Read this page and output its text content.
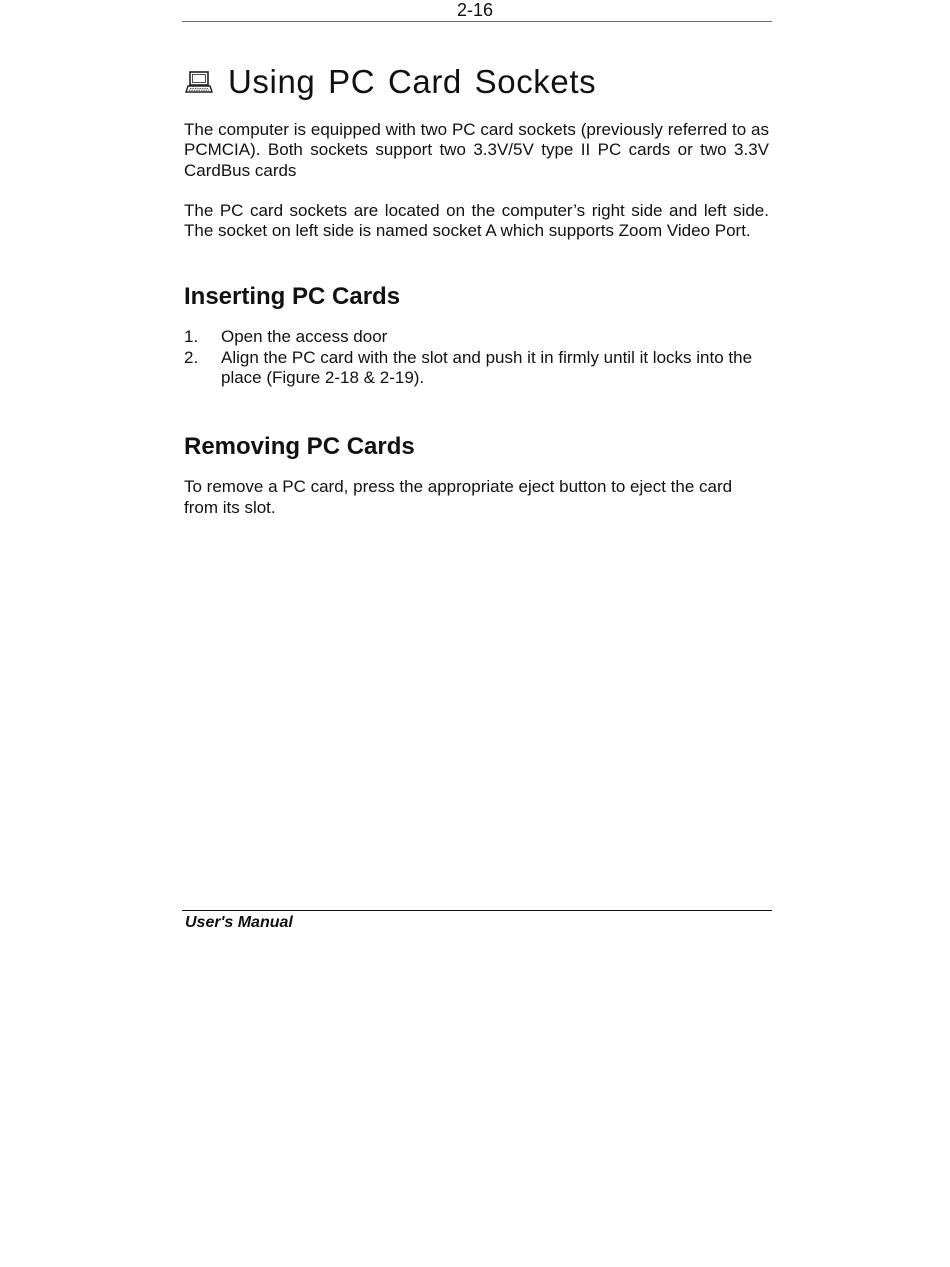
2-16
Using PC Card Sockets

The computer is equipped with two PC card sockets (previously referred to as PCMCIA). Both sockets support two 3.3V/5V type II PC cards or two 3.3V CardBus cards

The PC card sockets are located on the computer’s right side and left side. The socket on left side is named socket A which supports Zoom Video Port.

Inserting PC Cards
1.	Open the access door
2.	Align the PC card with the slot and push it in firmly until it locks into the place (Figure 2-18 & 2-19).
Removing PC Cards

To remove a PC card, press the appropriate eject button to eject the card from its slot.

User's Manual
